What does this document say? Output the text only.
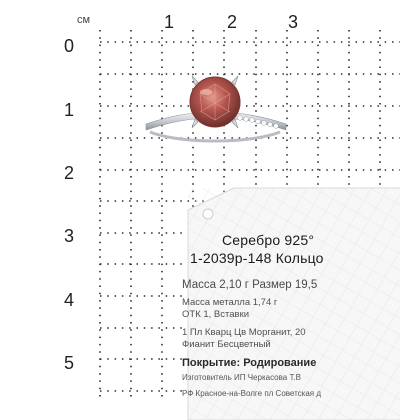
см	1	2	3
0
1
2
3
4
5
Серебро 925°
1-2039р-148 Кольцо
Масса 2,10 г Размер 19,5
Масса металла 1,74 г
ОТК 1, Вставки
1 Пл Кварц Цв Морганит, 20
Фианит Бесцветный
Покрытие: Родирование
Изготовитель ИП Черкасова Т.В
РФ Красное-на-Волге пл Советская д
